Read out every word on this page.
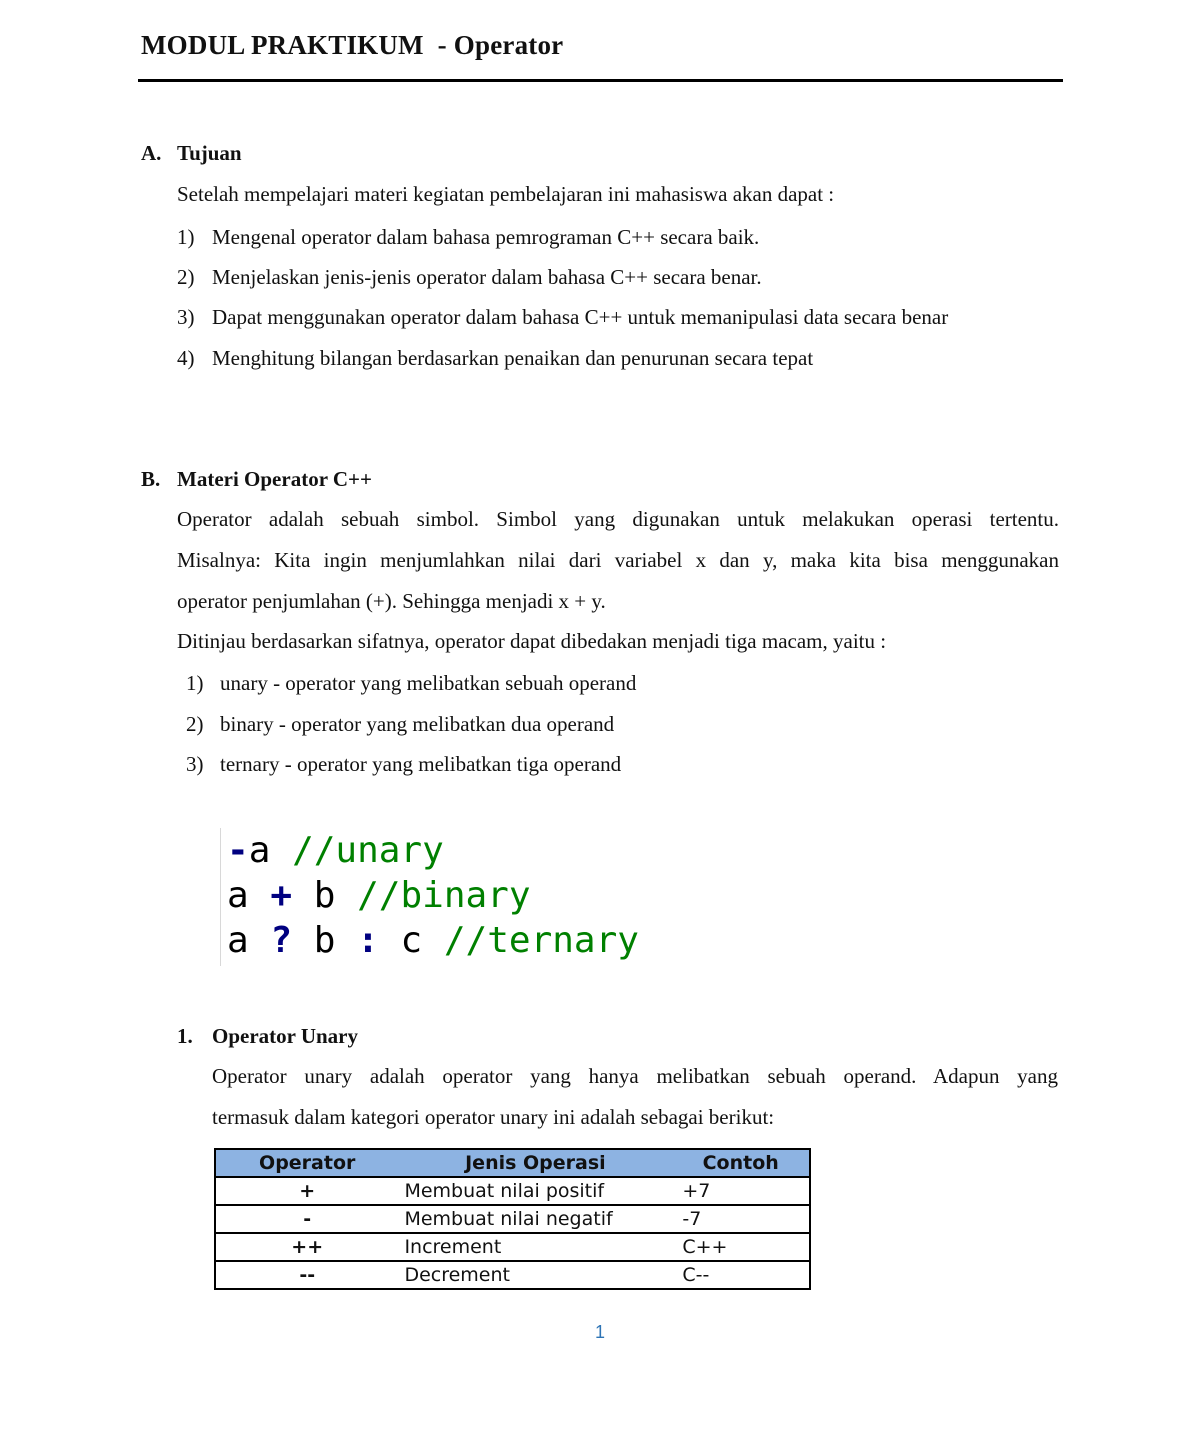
MODUL PRAKTIKUM  - Operator
A. Tujuan
Setelah mempelajari materi kegiatan pembelajaran ini mahasiswa akan dapat :
1) Mengenal operator dalam bahasa pemrograman C++ secara baik.
2) Menjelaskan jenis-jenis operator dalam bahasa C++ secara benar.
3) Dapat menggunakan operator dalam bahasa C++ untuk memanipulasi data secara benar
4) Menghitung bilangan berdasarkan penaikan dan penurunan secara tepat
B. Materi Operator C++
Operator adalah sebuah simbol. Simbol yang digunakan untuk melakukan operasi tertentu.
Misalnya: Kita ingin menjumlahkan nilai dari variabel x dan y, maka kita bisa menggunakan
operator penjumlahan (+). Sehingga menjadi x + y.
Ditinjau berdasarkan sifatnya, operator dapat dibedakan menjadi tiga macam, yaitu :
1) unary - operator yang melibatkan sebuah operand
2) binary - operator yang melibatkan dua operand
3) ternary - operator yang melibatkan tiga operand
-a //unary
a + b //binary
a ? b : c //ternary
1. Operator Unary
Operator unary adalah operator yang hanya melibatkan sebuah operand. Adapun yang
termasuk dalam kategori operator unary ini adalah sebagai berikut:
Operator	Jenis Operasi	Contoh
+	Membuat nilai positif	+7
-	Membuat nilai negatif	-7
++	Increment	C++
--	Decrement	C--
1
